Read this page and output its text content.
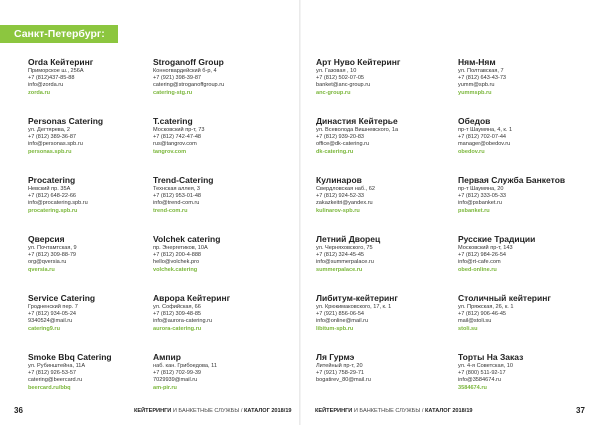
Санкт-Петербург:
Orda Кейтеринг
Приморское ш., 256А
+7 (812)437-85-88
info@zorda.ru
zorda.ru
Personas Catering
ул. Дегтярева, 2
+7 (812) 389-36-87
info@personas.spb.ru
personas.spb.ru
Procatering
Невский пр. 35А
+7 (812) 648-22-66
info@procatering.spb.ru
procatering.spb.ru
Qверсия
ул. Почтамтская, 9
+7 (812) 309-88-79
org@qversia.ru
qversia.ru
Service Catering
Гродненский пер. 7
+7 (812) 934-05-24
9340524@mail.ru
catering9.ru
Smoke Bbq Catering
ул. Рубинштейна, 11А
+7 (812) 926-53-57
catering@beercard.ru
beercard.ru/bbq
Stroganoff Group
Конногвардейский б-р, 4
+7 (921) 398-39-87
catering@stroganoffgroup.ru
catering-stg.ru
T.catering
Московский пр-т, 73
+7 (812) 742-47-48
rus@tangrov.com
tangrov.com
Trend-Catering
Технская аллея, 3
+7 (812) 953-01-48
info@trend-com.ru
trend-com.ru
Volchek catering
пр. Энергетиков, 10А
+7 (812) 200-4-888
hello@volchek.pro
volchek.catering
Аврора Кейтеринг
ул. Софийская, 66
+7 (812) 309-48-85
info@aurora-catering.ru
aurora-catering.ru
Ампир
наб. кан. Грибоедова, 11
+7 (812) 702-99-39
7029939@mail.ru
am-pir.ru
Арт Нуво Кейтеринг
ул. Газовая , 10
+7 (812) 502-07-05
banket@anc-group.ru
anc-group.ru
Династия Кейтерье
ул. Всеволода Вишневского, 1а
+7 (812) 939-20-83
office@dk-catering.ru
dk-catering.ru
Кулинаров
Свердловская наб., 62
+7 (812) 924-52-33
zakazkeitri@yandex.ru
kulinarov-spb.ru
Летний Дворец
ул. Черняховского, 75
+7 (812) 324-45-45
info@summerpalace.ru
summerpalace.ru
Либитум-кейтеринг
ул. Крюкимаковского, 17, к. 1
+7 (921) 856-06-54
info@online@mail.ru
libitum-spb.ru
Ля Гурмэ
Литейный пр-т, 20
+7 (921) 758-29-71
bogatirev_80@mail.ru
Ням-Ням
ул. Полтавская, 7
+7 (812) 643-43-73
yumm@spb.ru
yummspb.ru
Обедов
пр-т Шаумяна, 4, к. 1
+7 (812) 702-07-44
manager@obedov.ru
obedov.ru
Первая Служба Банкетов
пр-т Шаумяна, 20
+7 (812) 333-05-33
info@psbanket.ru
psbanket.ru
Русские Традиции
Московский пр-т, 143
+7 (812) 984-26-54
info@rt-cafe.com
obed-online.ru
Столичный кейтеринг
ул. Пряжская, 26, к. 1
+7 (812) 906-46-45
mail@stoli.su
stoli.su
Торты На Заказ
ул. 4-я Советская, 10
+7 (800) 511-92-17
info@3584674.ru
3584674.ru
36	КЕЙТЕРИНГИ И БАНКЕТНЫЕ СЛУЖБЫ / КАТАЛОГ 2018/19	КЕЙТЕРИНГИ И БАНКЕТНЫЕ СЛУЖБЫ / КАТАЛОГ 2018/19	37
